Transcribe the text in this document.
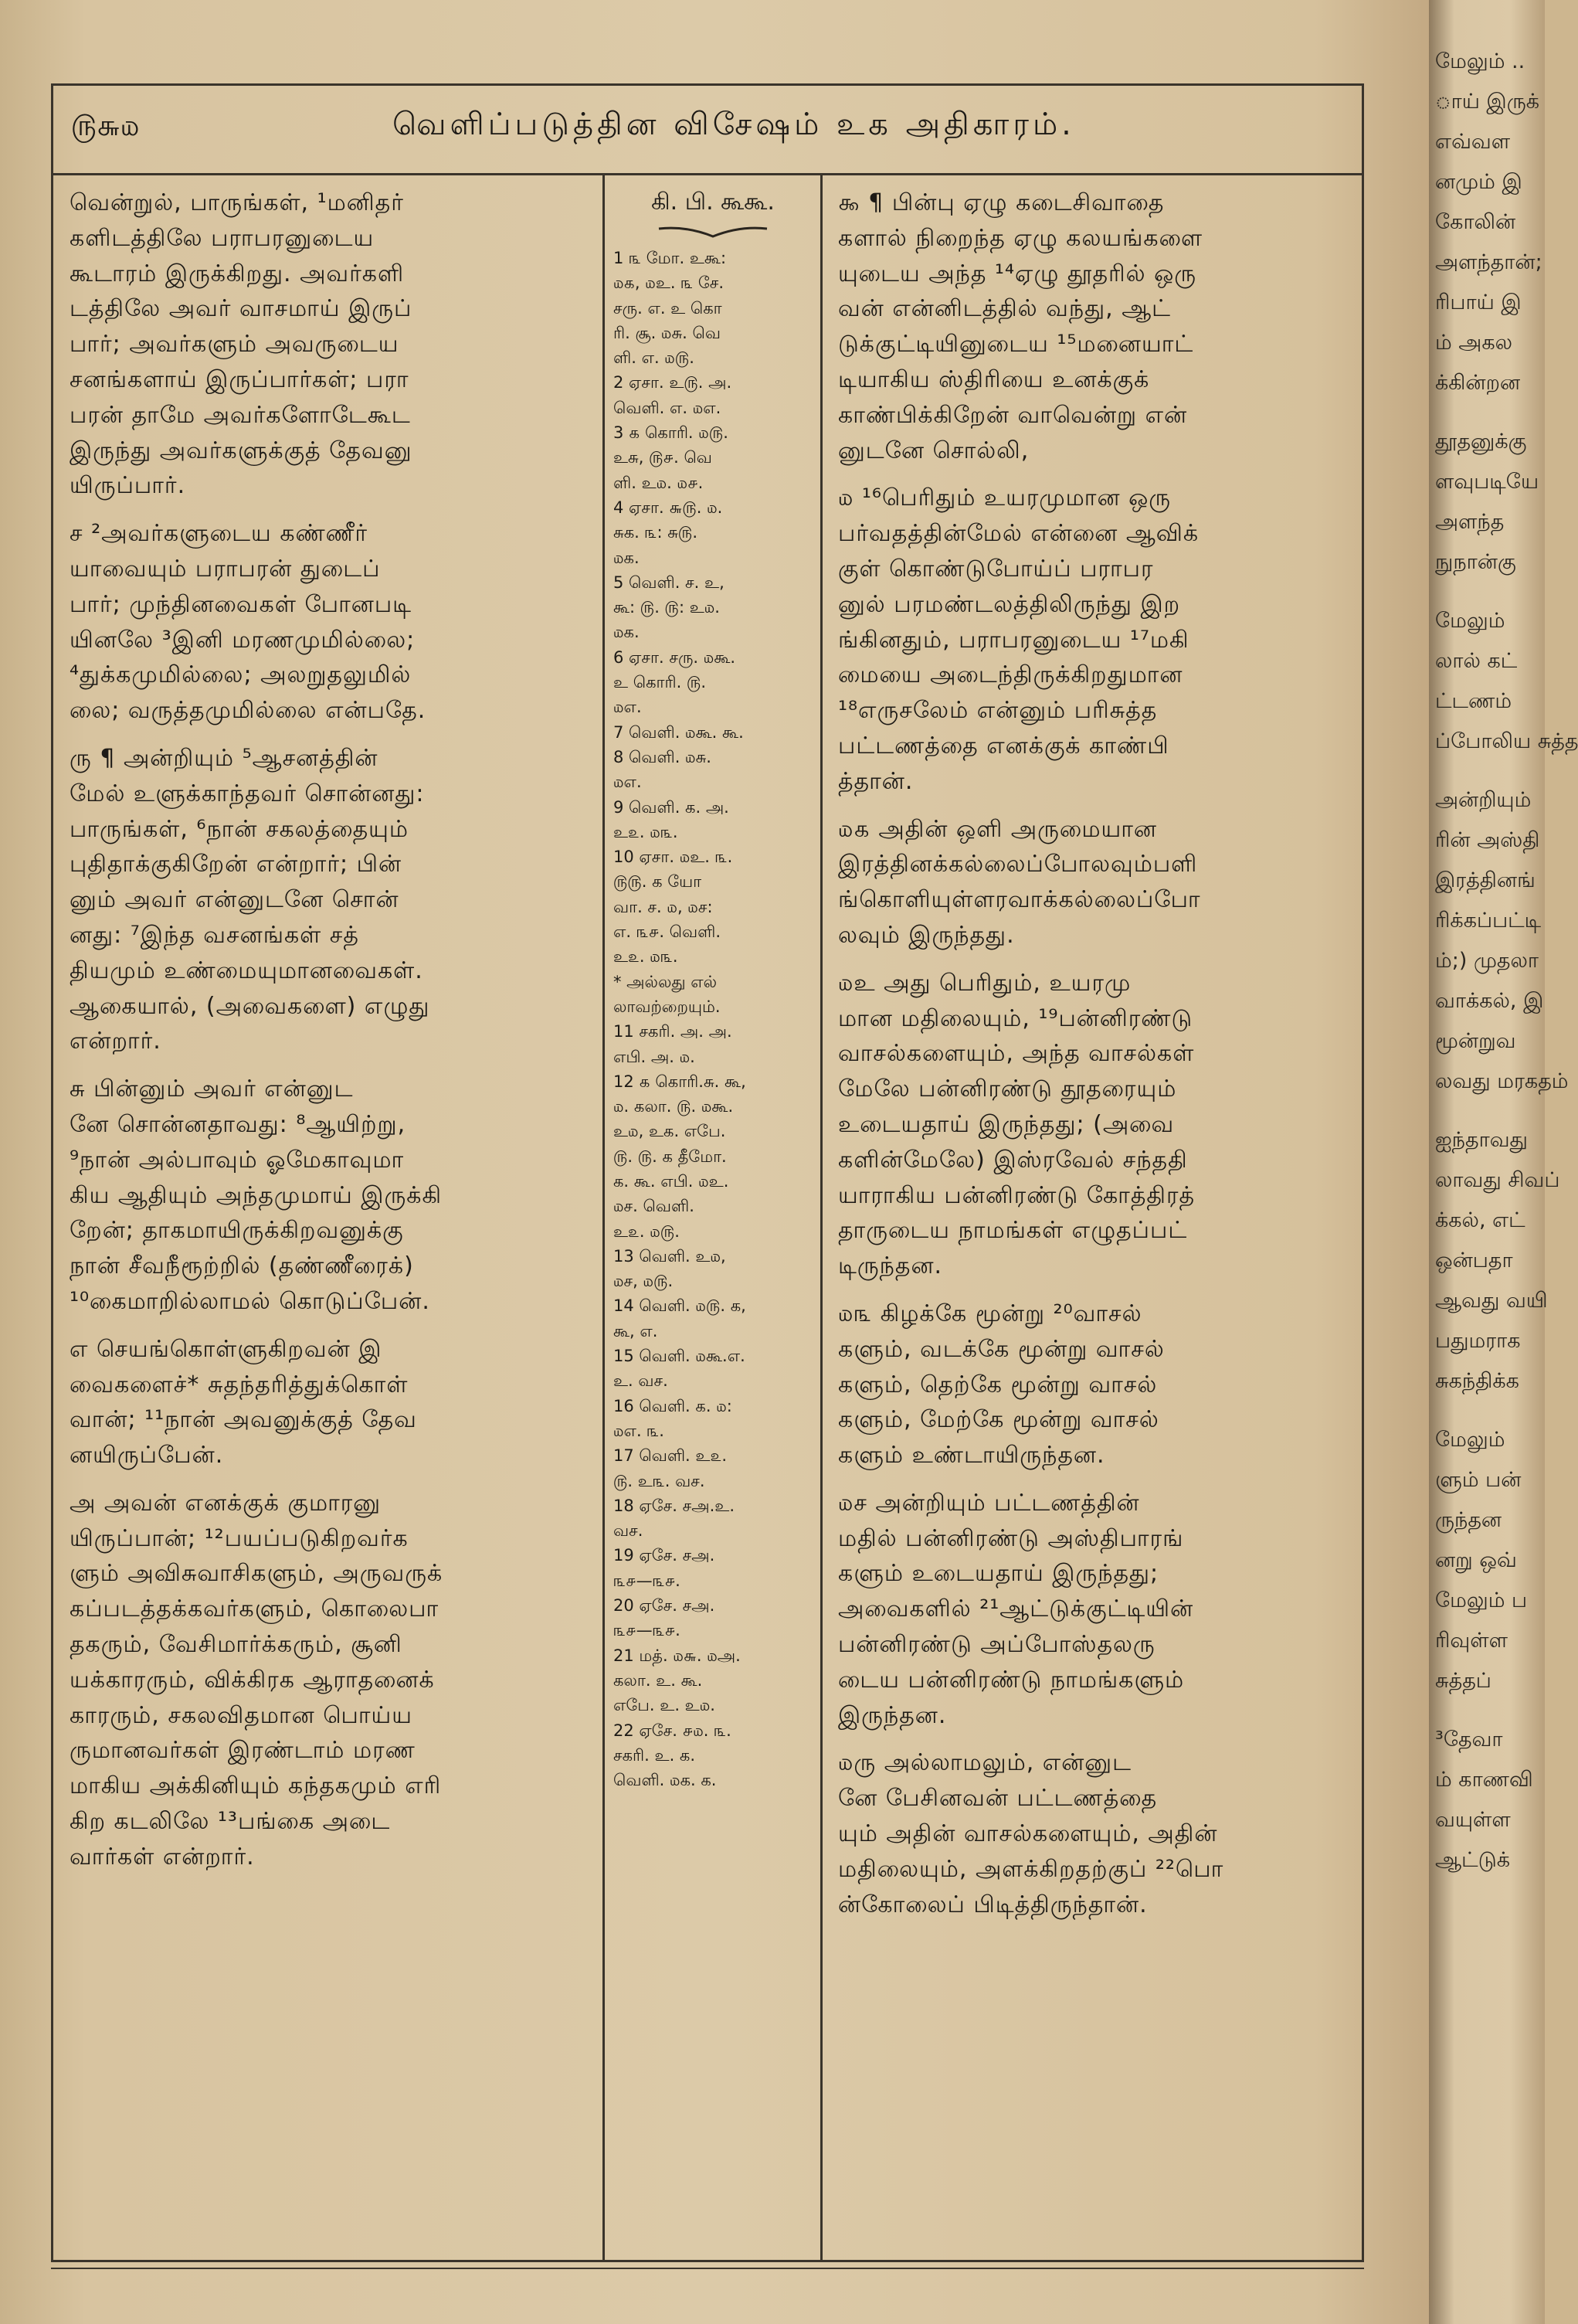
மேலும் ..
ாய் இருக்
எவ்வள
னமும் இ
கோலின்
அளந்தான்;
ரிபாய் இ
ம் அகல
க்கின்றன
தூதனுக்கு
ளவுபடியே
அளந்த
நுநான்கு
மேலும்
லால் கட்
ட்டணம்
ப்போலிய சுத்த
அன்றியும்
ரின் அஸ்தி
இரத்தினங்
ரிக்கப்பட்டி
ம்;) முதலா
வாக்கல், இ
மூன்றுவ
லவது மரகதம்
ஐந்தாவது
லாவது சிவப்
க்கல், எட்
ஒன்பதா
ஆவது வயி
பதுமராக
சுகந்திக்க
மேலும்
ளும் பன்
ருந்தன
னறு ஒவ்
மேலும் ப
ரிவுள்ள
சுத்தப்
³தேவா
ம் காணவி
வயுள்ள
ஆட்டுக்
௫௬௰	வெளிப்படுத்தின விசேஷம் உக அதிகாரம்.
வென்றுல், பாருங்கள், ¹மனிதர்
களிடத்திலே பராபரனுடைய
கூடாரம் இருக்கிறது. அவர்களி
டத்திலே அவர் வாசமாய் இருப்
பார்; அவர்களும் அவருடைய
சனங்களாய் இருப்பார்கள்; பரா
பரன் தாமே அவர்களோடேகூட
இருந்து அவர்களுக்குத் தேவனு
யிருப்பார்.
ச ²அவர்களுடைய கண்ணீர்
யாவையும் பராபரன் துடைப்
பார்; முந்தினவைகள் போனபடி
யினலே ³இனி மரணமுமில்லை;
⁴துக்கமுமில்லை; அலறுதலுமில்
லை; வருத்தமுமில்லை என்பதே.
ரு ¶ அன்றியும் ⁵ஆசனத்தின்
மேல் உளுக்காந்தவர் சொன்னது:
பாருங்கள், ⁶நான் சகலத்தையும்
புதிதாக்குகிறேன் என்றார்; பின்
னும் அவர் என்னுடனே சொன்
னது: ⁷இந்த வசனங்கள் சத்
தியமும் உண்மையுமானவைகள்.
ஆகையால், (அவைகளை) எழுது
என்றார்.
சு பின்னும் அவர் என்னுட
னே சொன்னதாவது: ⁸ஆயிற்று,
⁹நான் அல்பாவும் ஓமேகாவுமா
கிய ஆதியும் அந்தமுமாய் இருக்கி
றேன்; தாகமாயிருக்கிறவனுக்கு
நான் சீவநீரூற்றில் (தண்ணீரைக்)
¹⁰கைமாறில்லாமல் கொடுப்பேன்.
எ செயங்கொள்ளுகிறவன் இ
வைகளைச்* சுதந்தரித்துக்கொள்
வான்; ¹¹நான் அவனுக்குத் தேவ
னயிருப்பேன்.
அ அவன் எனக்குக் குமாரனு
யிருப்பான்; ¹²பயப்படுகிறவர்க
ளும் அவிசுவாசிகளும், அருவருக்
கப்படத்தக்கவர்களும், கொலைபா
தகரும், வேசிமார்க்கரும், சூனி
யக்காரரும், விக்கிரக ஆராதனைக்
காரரும், சகலவிதமான பொய்ய
ருமானவர்கள் இரண்டாம் மரண
மாகிய அக்கினியும் கந்தகமும் எரி
கிற கடலிலே ¹³பங்கை அடை
வார்கள் என்றார்.
கி. பி. கூகூ.
1 ௩ மோ. உகூ:
௰௧, ௰உ. ௩ சே.
சரு. எ. உ கொ
ரி. சூ. ௰சு. வெ
ளி. எ. ௰௫.
2 ஏசா. உ௫. அ.
வெளி. எ. ௰எ.
3 ௧ கொரி. ௰௫.
உசு, ௫௪. வெ
ளி. உ௰. ௰௪.
4 ஏசா. ௬௫. ௰.
சுக. ௩: சு௫.
௰க.
5 வெளி. ச. உ,
கூ: ௫. ௫: உ௰.
௰க.
6 ஏசா. சரு. ௰கூ.
உ கொரி. ௫.
௰எ.
7 வெளி. ௰கூ. கூ.
8 வெளி. ௰சு.
௰எ.
9 வெளி. க. அ.
உ௨. ௰௩.
10 ஏசா. ௰உ. ௩.
௫௫. க யோ
வா. ச. ௰, ௰ச:
எ. ௩௪. வெளி.
உ௨. ௰௩.
* அல்லது எல்
லாவற்றையும்.
11 சகரி. அ. அ.
எபி. அ. ௰.
12 ௧ கொரி.சு. கூ,
௰. கலா. ௫. ௰கூ.
உ௰, உக. எபே.
௫. ௫. க தீமோ.
க. கூ. எபி. ௰உ.
௰ச. வெளி.
உ௨. ௰௫.
13 வெளி. உ௰,
௰ச, ௰௫.
14 வெளி. ௰௫. க,
கூ, எ.
15 வெளி. ௰கூ.எ.
உ. வச.
16 வெளி. க. ௰:
௰எ. ௩.
17 வெளி. உ௨.
௫. உ௩. வச.
18 ஏசே. சஅ.உ.
வச.
19 ஏசே. சஅ.
௩௪—௩௪.
20 ஏசே. சஅ.
௩௪—௩௪.
21 மத். ௰௬. ௰அ.
கலா. உ. கூ.
எபே. உ. உ௰.
22 ஏசே. ௪௰. ௩.
சகரி. உ. க.
வெளி. ௰க. க.
௯ ¶ பின்பு ஏழு கடைசிவாதை
களால் நிறைந்த ஏழு கலயங்களை
யுடைய அந்த ¹⁴ஏழு தூதரில் ஒரு
வன் என்னிடத்தில் வந்து, ஆட்
டுக்குட்டியினுடைய ¹⁵மனையாட்
டியாகிய ஸ்திரியை உனக்குக்
காண்பிக்கிறேன் வாவென்று என்
னுடனே சொல்லி,
௰ ¹⁶பெரிதும் உயரமுமான ஒரு
பர்வதத்தின்மேல் என்னை ஆவிக்
குள் கொண்டுபோய்ப் பராபர
னுல் பரமண்டலத்திலிருந்து இற
ங்கினதும், பராபரனுடைய ¹⁷மகி
மையை அடைந்திருக்கிறதுமான
¹⁸எருசலேம் என்னும் பரிசுத்த
பட்டணத்தை எனக்குக் காண்பி
த்தான்.
௰௧ அதின் ஒளி அருமையான
இரத்தினக்கல்லைப்போலவும்பளி
ங்கொளியுள்ளரவாக்கல்லைப்போ
லவும் இருந்தது.
௰உ அது பெரிதும், உயரமு
மான மதிலையும், ¹⁹பன்னிரண்டு
வாசல்களையும், அந்த வாசல்கள்
மேலே பன்னிரண்டு தூதரையும்
உடையதாய் இருந்தது; (அவை
களின்மேலே) இஸ்ரவேல் சந்ததி
யாராகிய பன்னிரண்டு கோத்திரத்
தாருடைய நாமங்கள் எழுதப்பட்
டிருந்தன.
௰௩ கிழக்கே மூன்று ²⁰வாசல்
களும், வடக்கே மூன்று வாசல்
களும், தெற்கே மூன்று வாசல்
களும், மேற்கே மூன்று வாசல்
களும் உண்டாயிருந்தன.
௰ச அன்றியும் பட்டணத்தின்
மதில் பன்னிரண்டு அஸ்திபாரங்
களும் உடையதாய் இருந்தது;
அவைகளில் ²¹ஆட்டுக்குட்டியின்
பன்னிரண்டு அப்போஸ்தலரு
டைய பன்னிரண்டு நாமங்களும்
இருந்தன.
௰ரு அல்லாமலும், என்னுட
னே பேசினவன் பட்டணத்தை
யும் அதின் வாசல்களையும், அதின்
மதிலையும், அளக்கிறதற்குப் ²²பொ
ன்கோலைப் பிடித்திருந்தான்.
